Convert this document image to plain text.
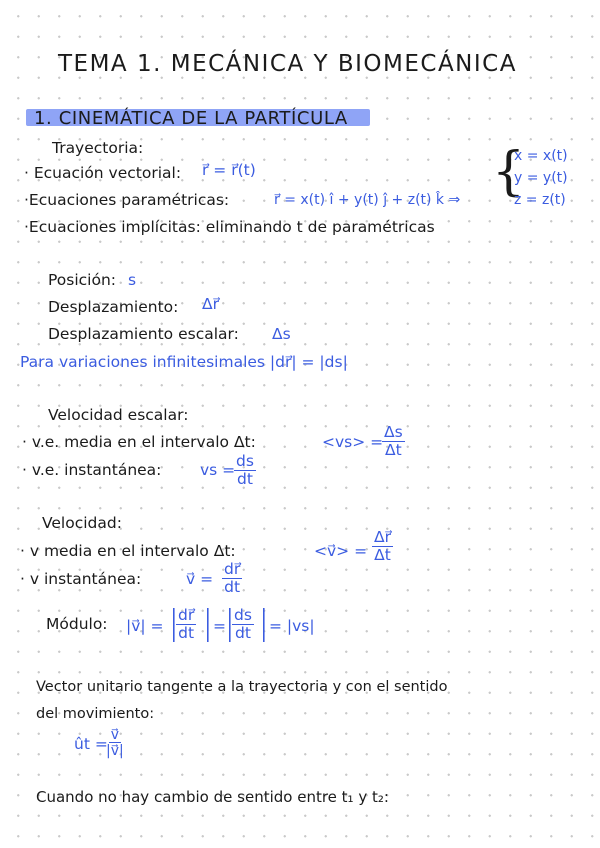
TEMA 1. MECÁNICA Y BIOMECÁNICA
1. CINEMÁTICA DE LA PARTÍCULA
Trayectoria:
· Ecuación vectorial: r⃗ = r⃗(t)
·Ecuaciones paramétricas:	r⃗ = x(t) î + y(t) ĵ + z(t) k̂ ⇒ {
x = x(t)
y = y(t)
z = z(t)
·Ecuaciones implícitas: eliminando t de paramétricas
Posición: s
Desplazamiento: Δr⃗
Desplazamiento escalar: Δs
Para variaciones infinitesimales |dr⃗| = |ds|
Velocidad escalar:
· v.e. media en el intervalo Δt:	<vs> =
$\frac{\Delta s}{\Delta t}$
· v.e. instantánea: vs =
$\frac{ds}{dt}$
Velocidad:
· v media en el intervalo Δt:	<v⃗> = $\frac{\Delta r⃗}{\Delta t}$
· v instantánea:	v⃗ = $\frac{dr⃗}{dt}$
Módulo: |v⃗| = |
$\frac{dr⃗}{dt}$ | =
|
$\frac{ds}{dt}$ | = |vs|
Vector unitario tangente a la trayectoria y con el sentido
del movimiento:
ût =
$\frac{v⃗}{|v⃗|}$
Cuando no hay cambio de sentido entre t₁ y t₂:
